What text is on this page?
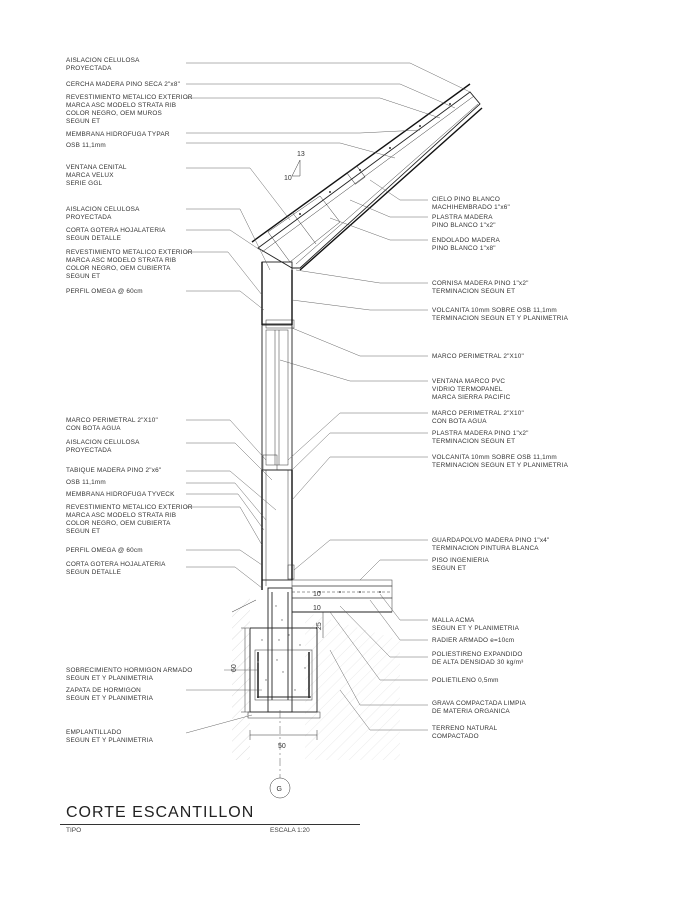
13
10
60
50
25
10
10
G
AISLACION CELULOSA PROYECTADA
CERCHA MADERA PINO SECA 2"x8"
REVESTIMIENTO METALICO EXTERIOR MARCA ASC MODELO STRATA RIB COLOR NEGRO, OEM MUROS SEGUN ET
MEMBRANA HIDROFUGA TYPAR
OSB 11,1mm
VENTANA CENITAL MARCA VELUX SERIE GGL
AISLACION CELULOSA PROYECTADA
CORTA GOTERA HOJALATERIA SEGUN DETALLE
REVESTIMIENTO METALICO EXTERIOR MARCA ASC MODELO STRATA RIB COLOR NEGRO, OEM CUBIERTA SEGUN ET
PERFIL OMEGA @ 60cm
MARCO PERIMETRAL 2"X10" CON BOTA AGUA
AISLACION CELULOSA PROYECTADA
TABIQUE MADERA PINO 2"x6"
OSB 11,1mm
MEMBRANA HIDROFUGA TYVECK
REVESTIMIENTO METALICO EXTERIOR MARCA ASC MODELO STRATA RIB COLOR NEGRO, OEM CUBIERTA SEGUN ET
PERFIL OMEGA @ 60cm
CORTA GOTERA HOJALATERIA SEGUN DETALLE
SOBRECIMIENTO HORMIGON ARMADO SEGUN ET Y PLANIMETRIA
ZAPATA DE HORMIGON SEGUN ET Y PLANIMETRIA
EMPLANTILLADO SEGUN ET Y PLANIMETRIA
CIELO PINO BLANCO MACHIHEMBRADO 1"x6"
PLASTRA MADERA PINO BLANCO 1"x2"
ENDOLADO MADERA PINO BLANCO 1"x8"
CORNISA MADERA PINO 1"x2" TERMINACION SEGUN ET
VOLCANITA 10mm SOBRE OSB 11,1mm TERMINACION SEGUN ET Y PLANIMETRIA
MARCO PERIMETRAL 2"X10"
VENTANA MARCO PVC VIDRIO TERMOPANEL MARCA SIERRA PACIFIC
MARCO PERIMETRAL 2"X10" CON BOTA AGUA
PLASTRA MADERA PINO 1"x2" TERMINACION SEGUN ET
VOLCANITA 10mm SOBRE OSB 11,1mm TERMINACION SEGUN ET Y PLANIMETRIA
GUARDAPOLVO MADERA PINO 1"x4" TERMINACION PINTURA BLANCA
PISO INGENIERIA SEGUN ET
MALLA ACMA SEGUN ET Y PLANIMETRIA
RADIER ARMADO e=10cm
POLIESTIRENO EXPANDIDO DE ALTA DENSIDAD 30 kg/m³
POLIETILENO 0,5mm
GRAVA COMPACTADA LIMPIA DE MATERIA ORGANICA
TERRENO NATURAL COMPACTADO
CORTE ESCANTILLON
TIPO	ESCALA 1:20
